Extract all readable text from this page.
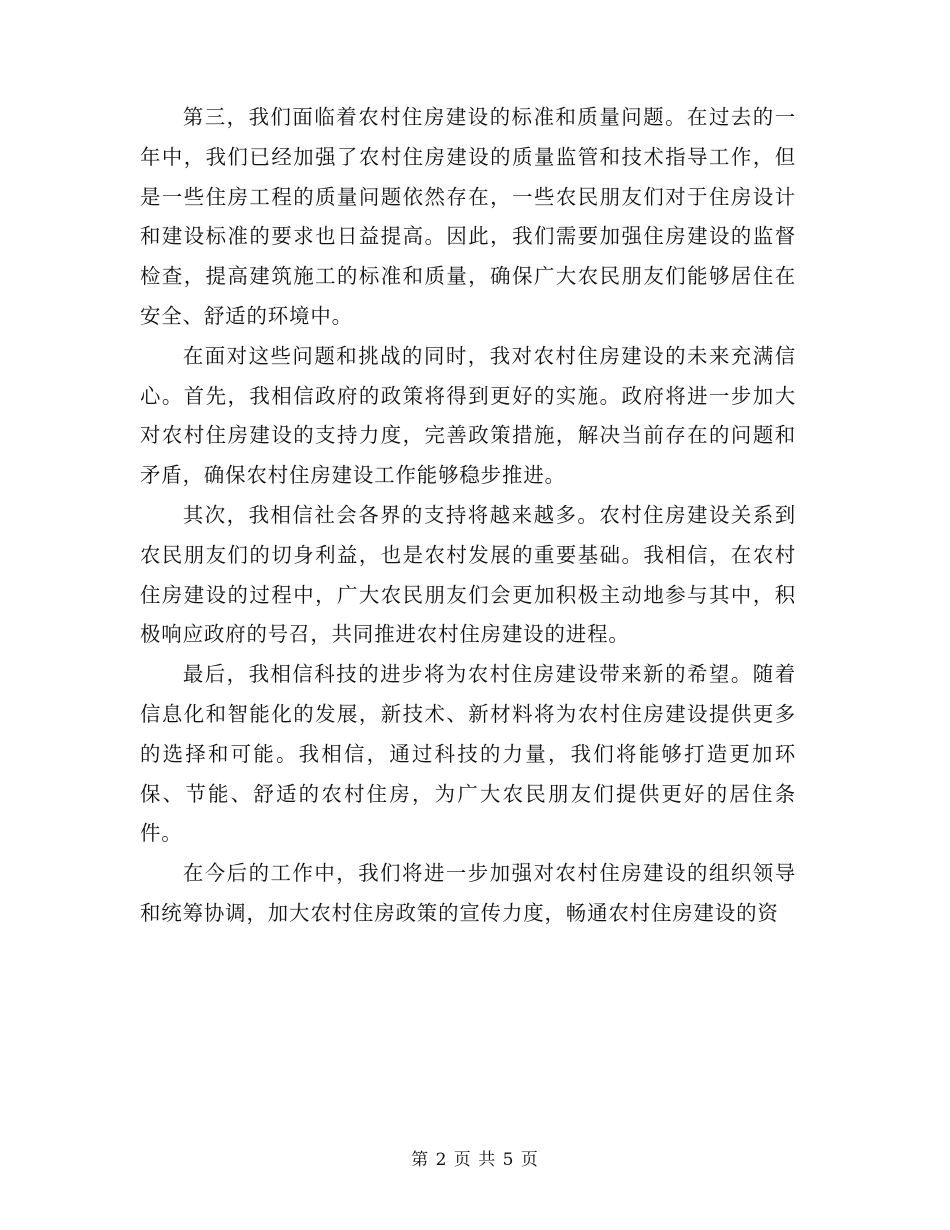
第三，我们面临着农村住房建设的标准和质量问题。在过去的一年中，我们已经加强了农村住房建设的质量监管和技术指导工作，但是一些住房工程的质量问题依然存在，一些农民朋友们对于住房设计和建设标准的要求也日益提高。因此，我们需要加强住房建设的监督检查，提高建筑施工的标准和质量，确保广大农民朋友们能够居住在安全、舒适的环境中。

在面对这些问题和挑战的同时，我对农村住房建设的未来充满信心。首先，我相信政府的政策将得到更好的实施。政府将进一步加大对农村住房建设的支持力度，完善政策措施，解决当前存在的问题和矛盾，确保农村住房建设工作能够稳步推进。

其次，我相信社会各界的支持将越来越多。农村住房建设关系到农民朋友们的切身利益，也是农村发展的重要基础。我相信，在农村住房建设的过程中，广大农民朋友们会更加积极主动地参与其中，积极响应政府的号召，共同推进农村住房建设的进程。

最后，我相信科技的进步将为农村住房建设带来新的希望。随着信息化和智能化的发展，新技术、新材料将为农村住房建设提供更多的选择和可能。我相信，通过科技的力量，我们将能够打造更加环保、节能、舒适的农村住房，为广大农民朋友们提供更好的居住条件。

在今后的工作中，我们将进一步加强对农村住房建设的组织领导和统筹协调，加大农村住房政策的宣传力度，畅通农村住房建设的资

第 2 页 共 5 页
